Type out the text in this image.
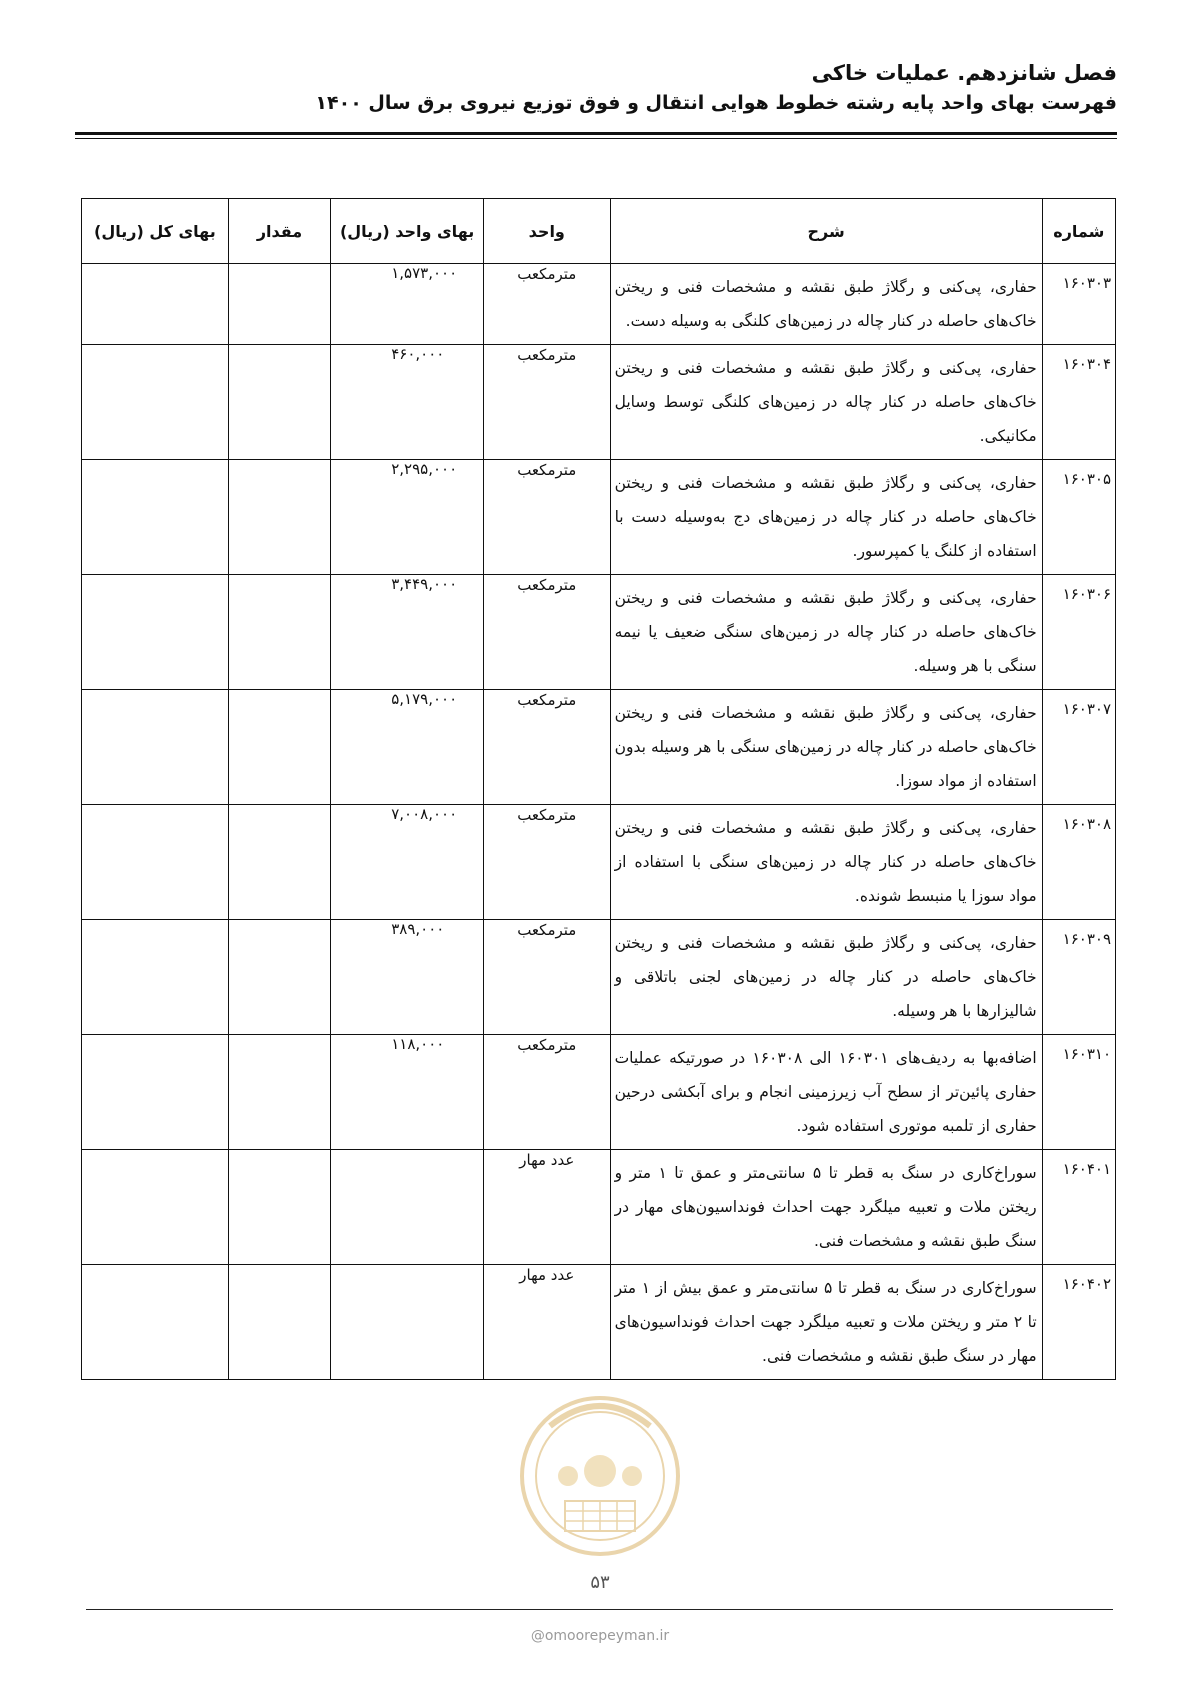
فصل شانزدهم. عملیات خاکی
فهرست بهای واحد پایه رشته خطوط هوایی انتقال و فوق توزیع نیروی برق سال ۱۴۰۰
شماره	شرح	واحد	بهای واحد (ریال)	مقدار	بهای کل (ریال)
۱۶۰۳۰۳	حفاری، پی‌کنی و رگلاژ طبق نقشه و مشخصات فنی و ریختن خاک‌های حاصله در کنار چاله در زمین‌های کلنگی به وسیله دست.	مترمکعب	۱,۵۷۳,۰۰۰		
۱۶۰۳۰۴	حفاری، پی‌کنی و رگلاژ طبق نقشه و مشخصات فنی و ریختن خاک‌های حاصله در کنار چاله در زمین‌های کلنگی توسط وسایل مکانیکی.	مترمکعب	۴۶۰,۰۰۰		
۱۶۰۳۰۵	حفاری، پی‌کنی و رگلاژ طبق نقشه و مشخصات فنی و ریختن خاک‌های حاصله در کنار چاله در زمین‌های دج به‌وسیله دست با استفاده از کلنگ یا کمپرسور.	مترمکعب	۲,۲۹۵,۰۰۰		
۱۶۰۳۰۶	حفاری، پی‌کنی و رگلاژ طبق نقشه و مشخصات فنی و ریختن خاک‌های حاصله در کنار چاله در زمین‌های سنگی ضعیف یا نیمه سنگی با هر وسیله.	مترمکعب	۳,۴۴۹,۰۰۰		
۱۶۰۳۰۷	حفاری، پی‌کنی و رگلاژ طبق نقشه و مشخصات فنی و ریختن خاک‌های حاصله در کنار چاله در زمین‌های سنگی با هر وسیله بدون استفاده از مواد سوزا.	مترمکعب	۵,۱۷۹,۰۰۰		
۱۶۰۳۰۸	حفاری، پی‌کنی و رگلاژ طبق نقشه و مشخصات فنی و ریختن خاک‌های حاصله در کنار چاله در زمین‌های سنگی با استفاده از مواد سوزا یا منبسط شونده.	مترمکعب	۷,۰۰۸,۰۰۰		
۱۶۰۳۰۹	حفاری، پی‌کنی و رگلاژ طبق نقشه و مشخصات فنی و ریختن خاک‌های حاصله در کنار چاله در زمین‌های لجنی باتلاقی و شالیزارها با هر وسیله.	مترمکعب	۳۸۹,۰۰۰		
۱۶۰۳۱۰	اضافه‌بها به ردیف‌های ۱۶۰۳۰۱ الی ۱۶۰۳۰۸ در صورتیکه عملیات حفاری پائین‌تر از سطح آب زیرزمینی انجام و برای آبکشی درحین حفاری از تلمبه موتوری استفاده شود.	مترمکعب	۱۱۸,۰۰۰		
۱۶۰۴۰۱	سوراخ‌کاری در سنگ به قطر تا ۵ سانتی‌متر و عمق تا ۱ متر و ریختن ملات و تعبیه میلگرد جهت احداث فونداسیون‌های مهار در سنگ طبق نقشه و مشخصات فنی.	عدد مهار			
۱۶۰۴۰۲	سوراخ‌کاری در سنگ به قطر تا ۵ سانتی‌متر و عمق بیش از ۱ متر تا ۲ متر و ریختن ملات و تعبیه میلگرد جهت احداث فونداسیون‌های مهار در سنگ طبق نقشه و مشخصات فنی.	عدد مهار			
۵۳
@omoorepeyman.ir
